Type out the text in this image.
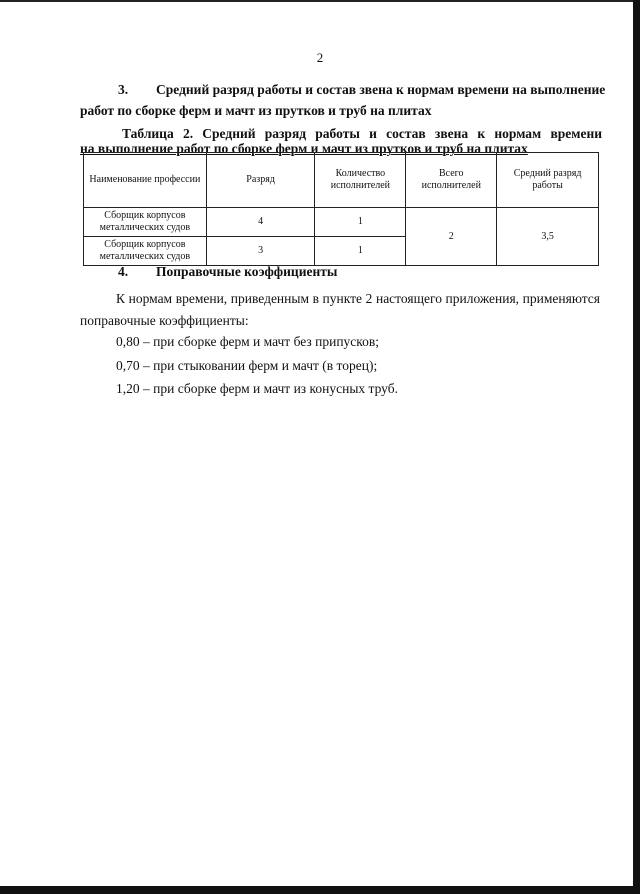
2
3. Средний разряд работы и состав звена к нормам времени на выполнение
работ по сборке ферм и мачт из прутков и труб на плитах
Таблица 2. Средний разряд работы и состав звена к нормам времени
на выполнение работ по сборке ферм и мачт из прутков и труб на плитах
Наименование профессии	Разряд	Количество исполнителей	Всего исполнителей	Средний разряд работы
Сборщик корпусов металлических судов	4	1	2	3,5
Сборщик корпусов металлических судов	3	1		
4. Поправочные коэффициенты
К нормам времени, приведенным в пункте 2 настоящего приложения, применяются поправочные коэффициенты:
0,80 – при сборке ферм и мачт без припусков;
0,70 – при стыковании ферм и мачт (в торец);
1,20 – при сборке ферм и мачт из конусных труб.
